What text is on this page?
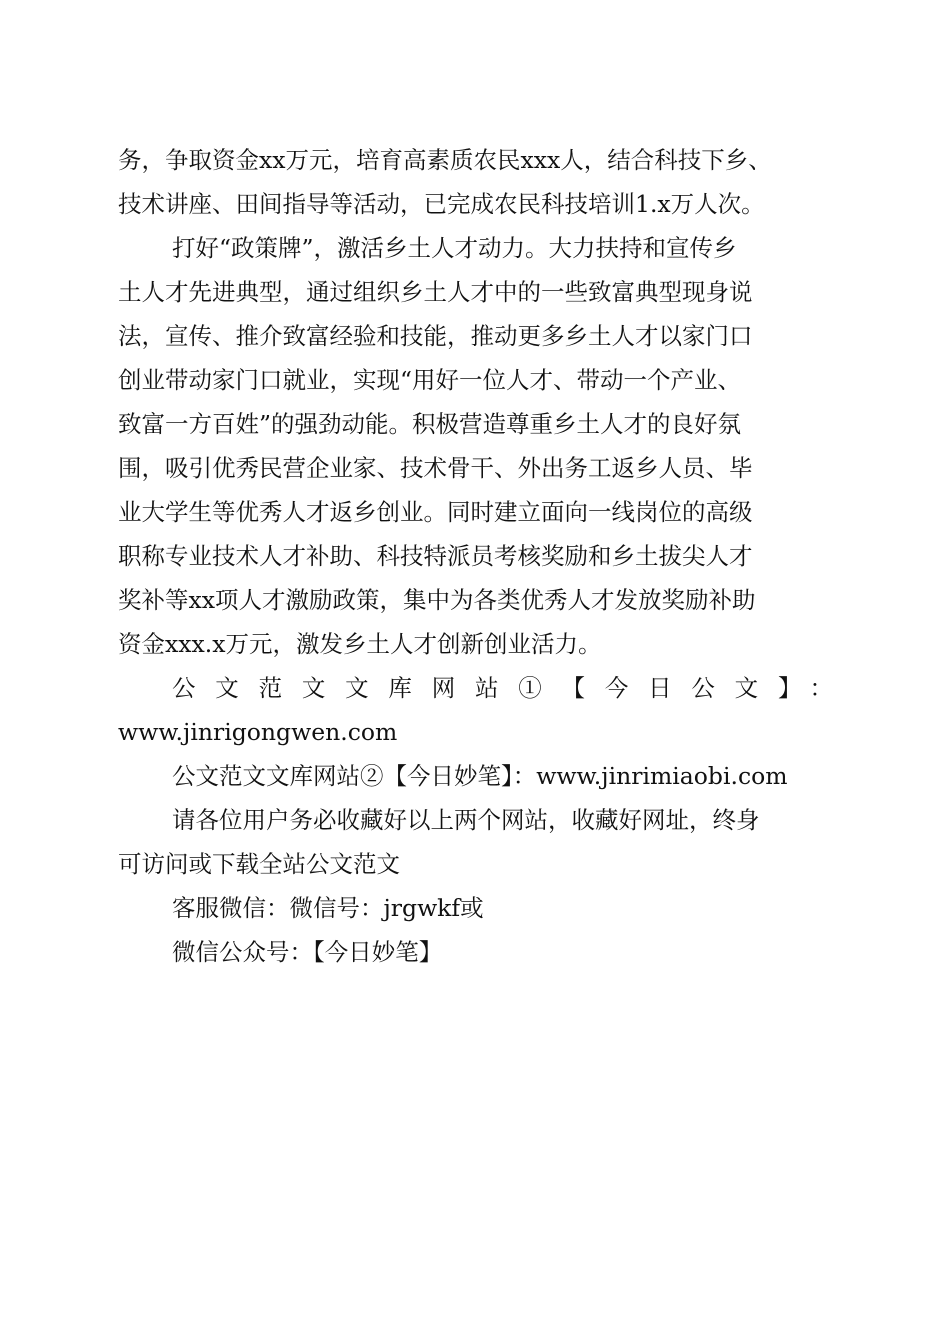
务，争取资金xx万元，培育高素质农民xxx人，结合科技下乡、
技术讲座、田间指导等活动，已完成农民科技培训1.x万人次。
打好“政策牌”，激活乡土人才动力。大力扶持和宣传乡
土人才先进典型，通过组织乡土人才中的一些致富典型现身说
法，宣传、推介致富经验和技能，推动更多乡土人才以家门口
创业带动家门口就业，实现“用好一位人才、带动一个产业、
致富一方百姓”的强劲动能。积极营造尊重乡土人才的良好氛
围，吸引优秀民营企业家、技术骨干、外出务工返乡人员、毕
业大学生等优秀人才返乡创业。同时建立面向一线岗位的高级
职称专业技术人才补助、科技特派员考核奖励和乡土拔尖人才
奖补等xx项人才激励政策，集中为各类优秀人才发放奖励补助
资金xxx.x万元，激发乡土人才创新创业活力。
公文范文文库网站①【今日公文】：
www.jinrigongwen.com
公文范文文库网站②【今日妙笔】：www.jinrimiaobi.com
请各位用户务必收藏好以上两个网站，收藏好网址，终身
可访问或下载全站公文范文
客服微信：微信号：jrgwkf或
微信公众号：【今日妙笔】
